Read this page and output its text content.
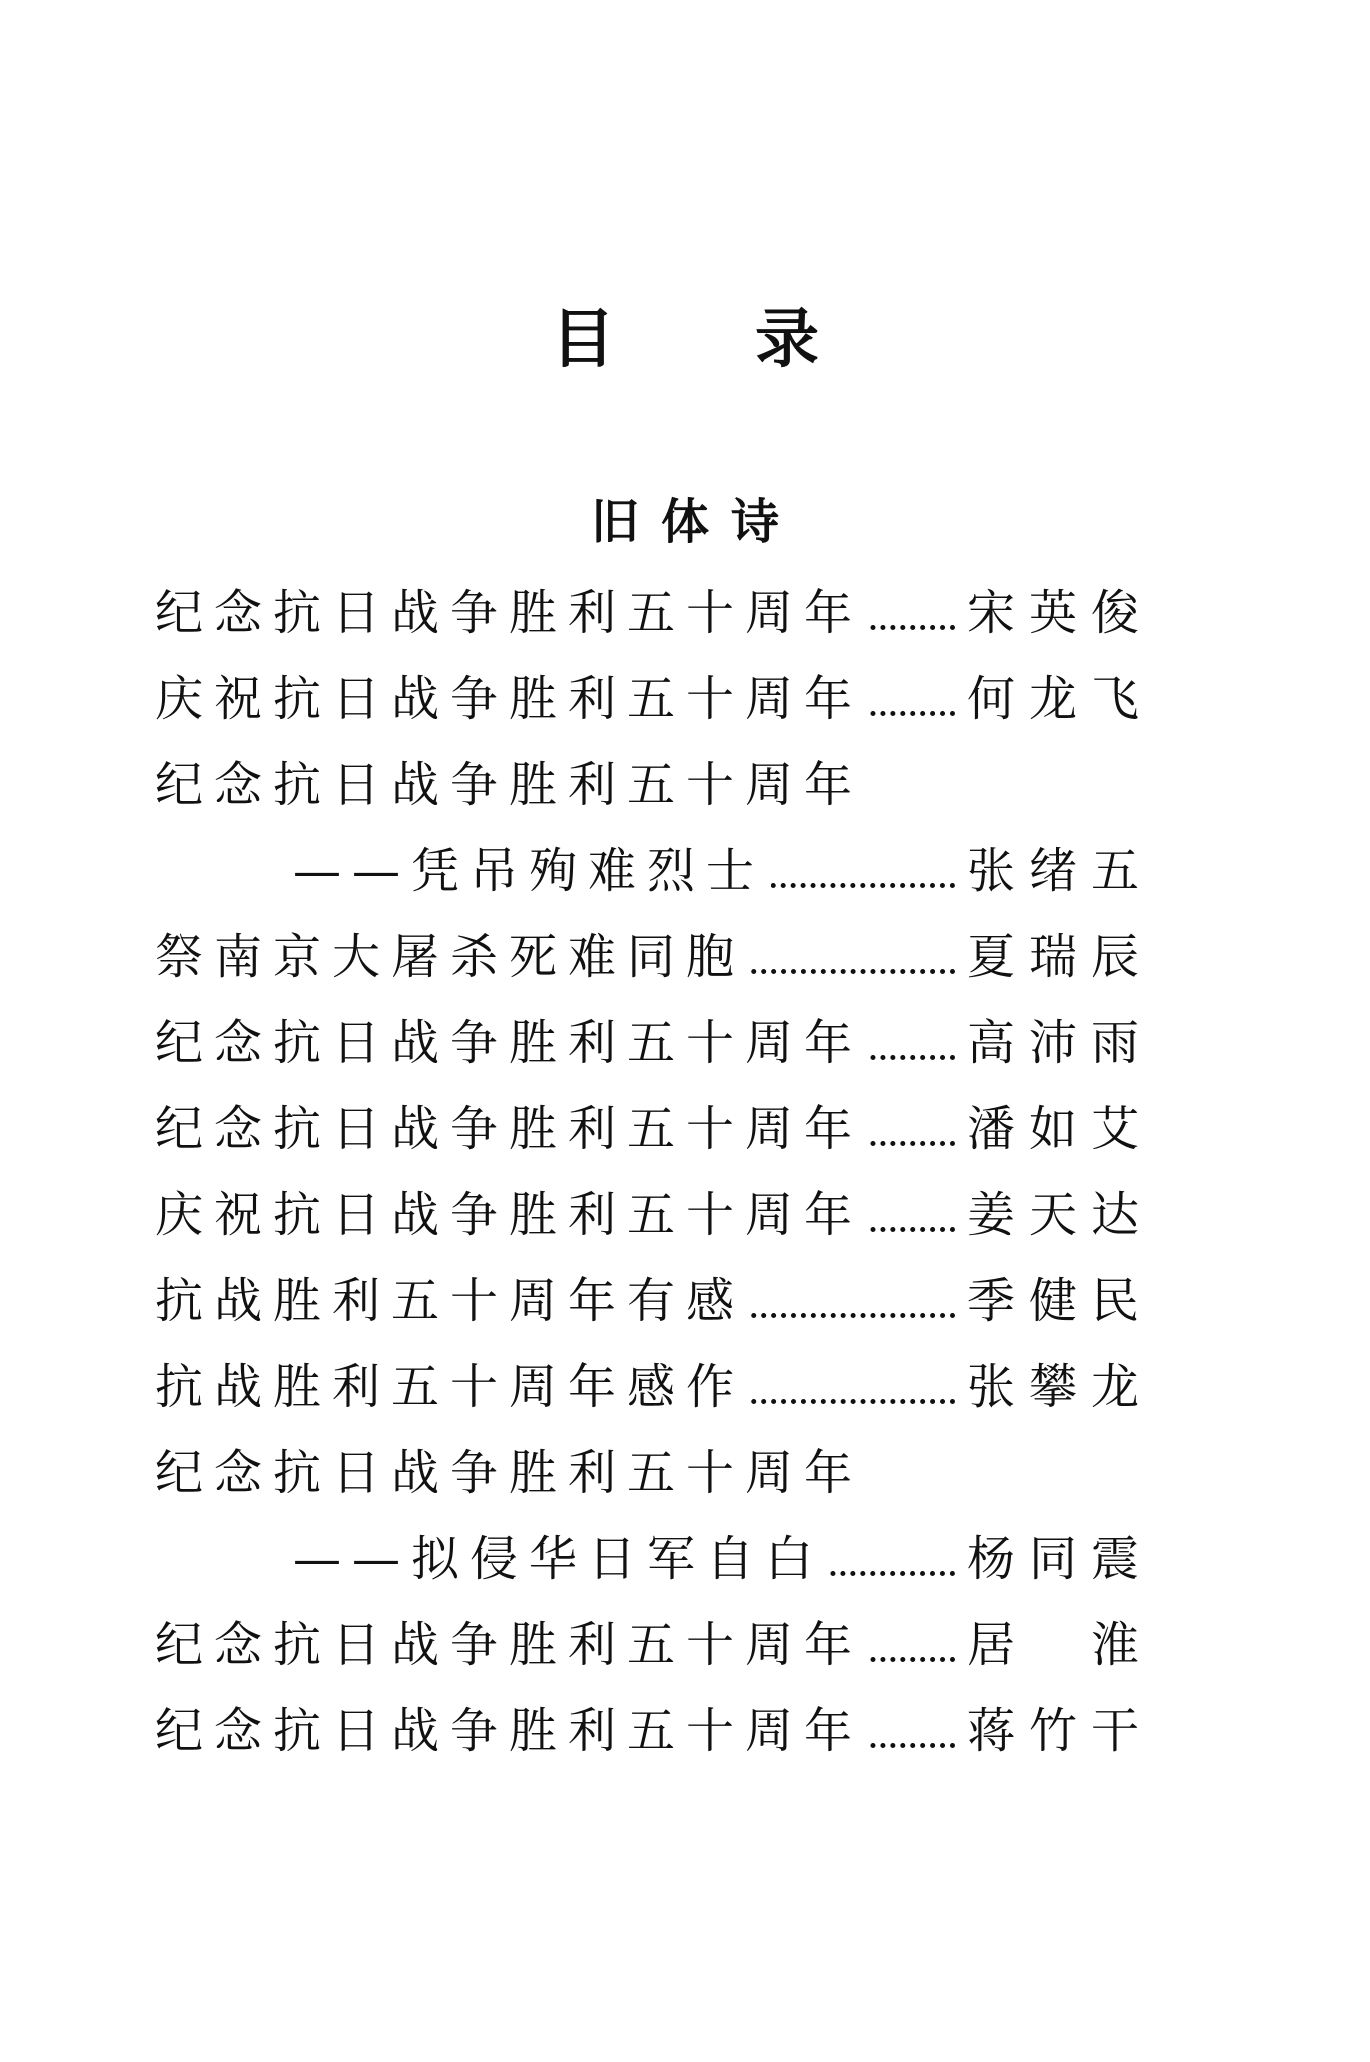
目录
旧体诗
纪念抗日战争胜利五十周年	宋英俊
庆祝抗日战争胜利五十周年	何龙飞
纪念抗日战争胜利五十周年
——凭吊殉难烈士	张绪五
祭南京大屠杀死难同胞	夏瑞辰
纪念抗日战争胜利五十周年	高沛雨
纪念抗日战争胜利五十周年	潘如艾
庆祝抗日战争胜利五十周年	姜天达
抗战胜利五十周年有感	季健民
抗战胜利五十周年感作	张攀龙
纪念抗日战争胜利五十周年
——拟侵华日军自白	杨同震
纪念抗日战争胜利五十周年	居　淮
纪念抗日战争胜利五十周年	蒋竹干
